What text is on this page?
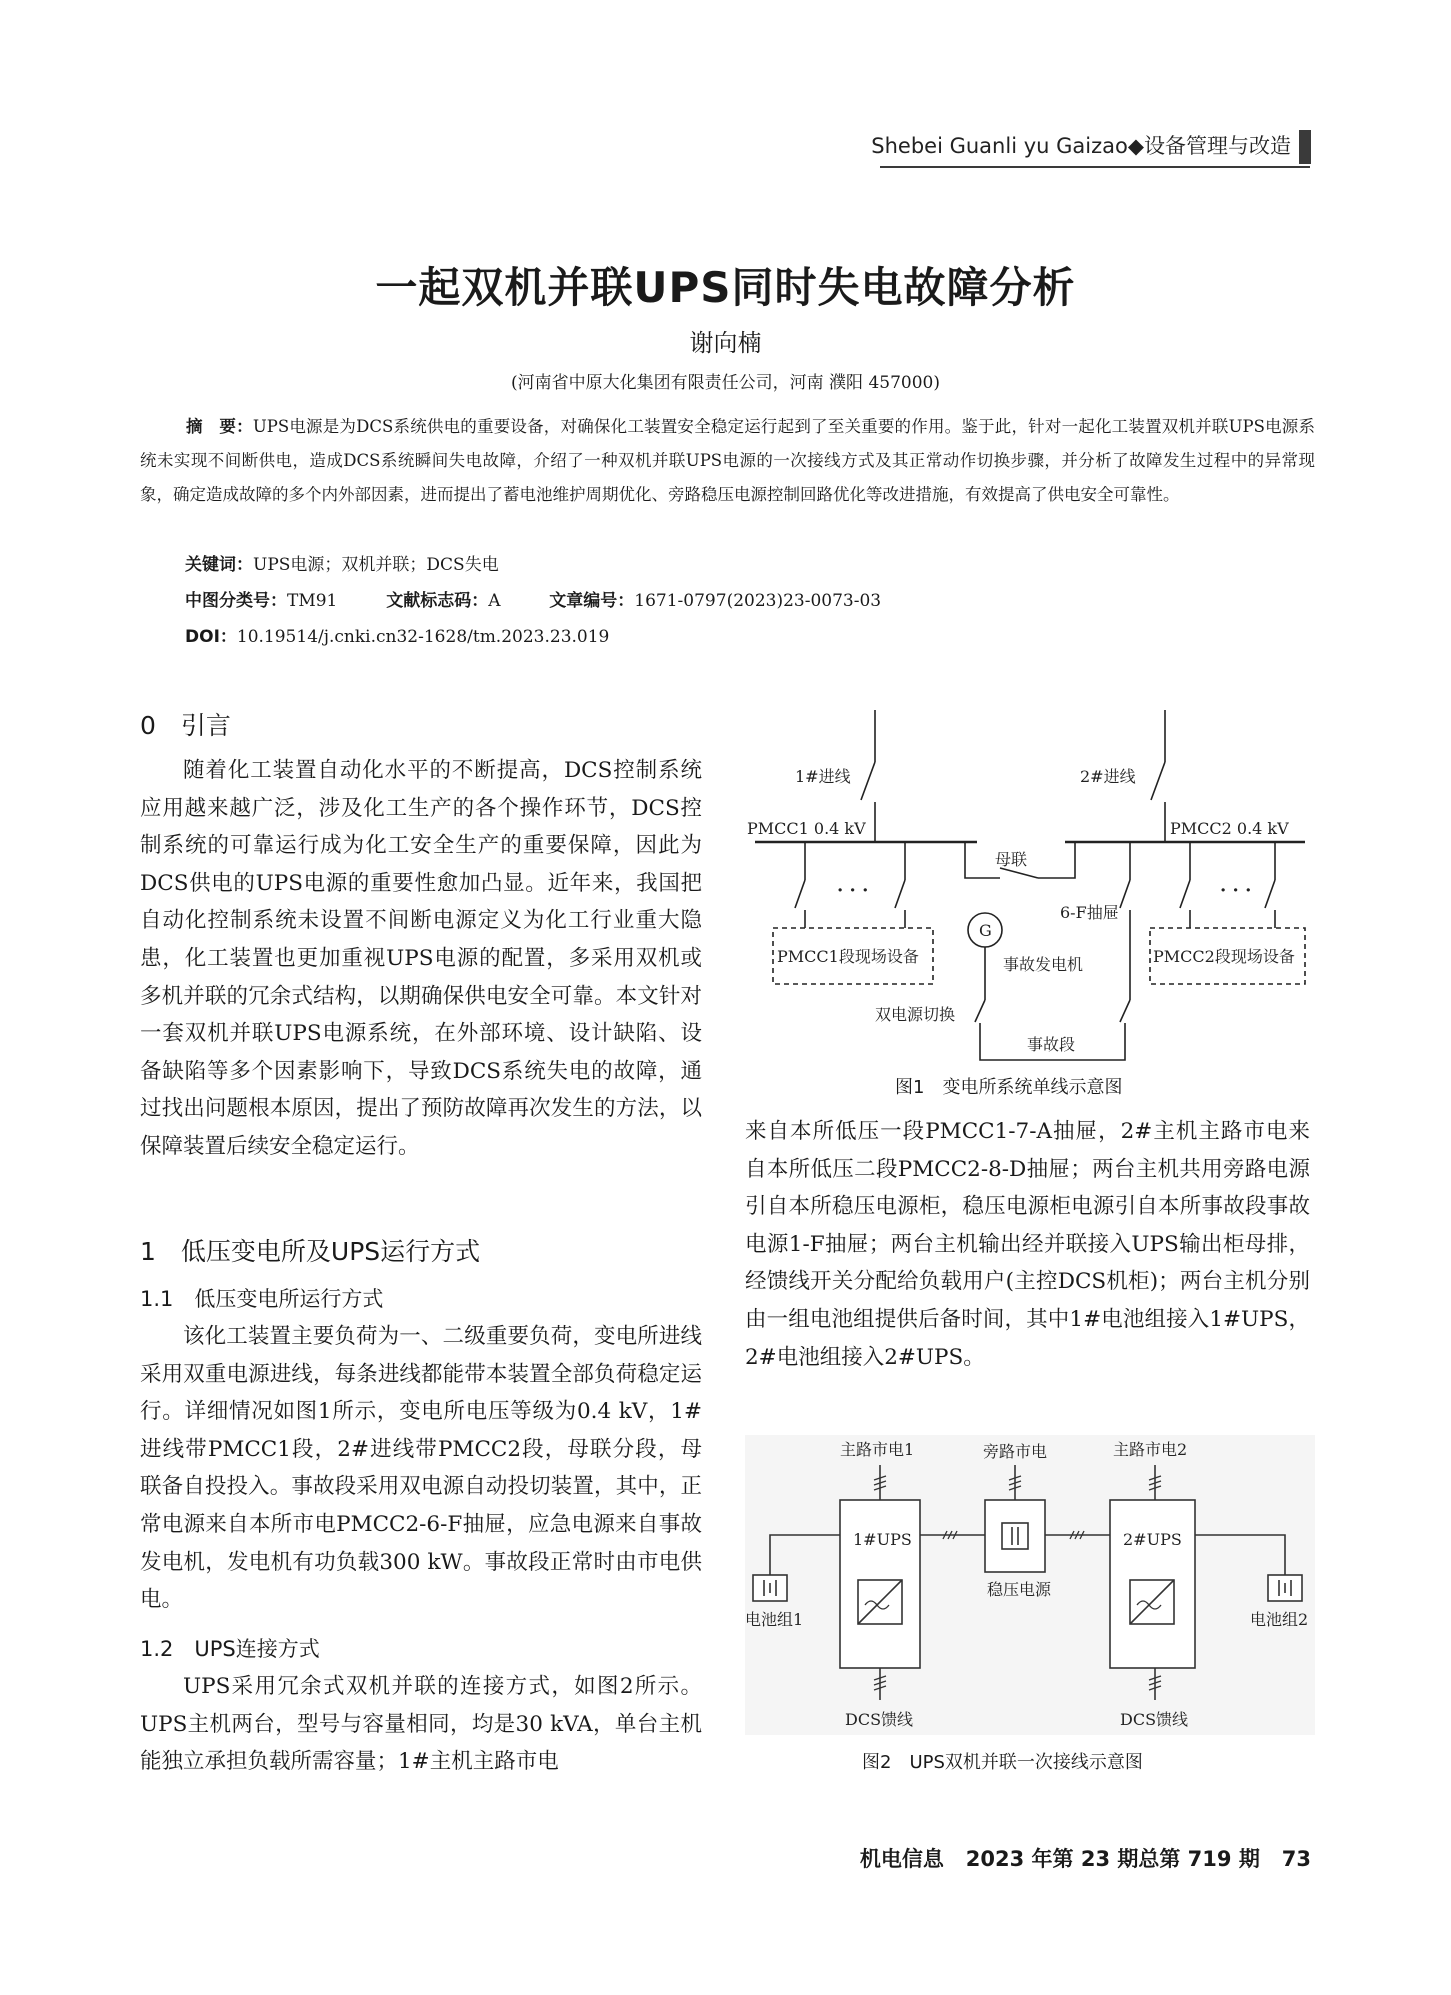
Shebei Guanli yu Gaizao◆设备管理与改造
一起双机并联UPS同时失电故障分析
谢向楠
(河南省中原大化集团有限责任公司，河南 濮阳 457000)
摘　要：UPS电源是为DCS系统供电的重要设备，对确保化工装置安全稳定运行起到了至关重要的作用。鉴于此，针对一起化工装置双机并联UPS电源系统未实现不间断供电，造成DCS系统瞬间失电故障，介绍了一种双机并联UPS电源的一次接线方式及其正常动作切换步骤，并分析了故障发生过程中的异常现象，确定造成故障的多个内外部因素，进而提出了蓄电池维护周期优化、旁路稳压电源控制回路优化等改进措施，有效提高了供电安全可靠性。
关键词：UPS电源；双机并联；DCS失电
中图分类号：TM91	文献标志码：A	文章编号：1671-0797(2023)23-0073-03
DOI：10.19514/j.cnki.cn32-1628/tm.2023.23.019
0　引言
随着化工装置自动化水平的不断提高，DCS控制系统应用越来越广泛，涉及化工生产的各个操作环节，DCS控制系统的可靠运行成为化工安全生产的重要保障，因此为DCS供电的UPS电源的重要性愈加凸显。近年来，我国把自动化控制系统未设置不间断电源定义为化工行业重大隐患，化工装置也更加重视UPS电源的配置，多采用双机或多机并联的冗余式结构，以期确保供电安全可靠。本文针对一套双机并联UPS电源系统，在外部环境、设计缺陷、设备缺陷等多个因素影响下，导致DCS系统失电的故障，通过找出问题根本原因，提出了预防故障再次发生的方法，以保障装置后续安全稳定运行。
1　低压变电所及UPS运行方式
1.1　低压变电所运行方式
该化工装置主要负荷为一、二级重要负荷，变电所进线采用双重电源进线，每条进线都能带本装置全部负荷稳定运行。详细情况如图1所示，变电所电压等级为0.4 kV，1#进线带PMCC1段，2#进线带PMCC2段，母联分段，母联备自投投入。事故段采用双电源自动投切装置，其中，正常电源来自本所市电PMCC2-6-F抽屉，应急电源来自事故发电机，发电机有功负载300 kW。事故段正常时由市电供电。
1.2　UPS连接方式
UPS采用冗余式双机并联的连接方式，如图2所示。UPS主机两台，型号与容量相同，均是30 kVA，单台主机能独立承担负载所需容量；1#主机主路市电
1#进线	2#进线
PMCC1 0.4 kV	PMCC2 0.4 kV
母联
6-F抽屉
G
事故发电机
PMCC1段现场设备	PMCC2段现场设备
双电源切换
事故段
· · ·	· · ·
图1　变电所系统单线示意图
来自本所低压一段PMCC1-7-A抽屉，2#主机主路市电来自本所低压二段PMCC2-8-D抽屉；两台主机共用旁路电源引自本所稳压电源柜，稳压电源柜电源引自本所事故段事故电源1-F抽屉；两台主机输出经并联接入UPS输出柜母排，经馈线开关分配给负载用户(主控DCS机柜)；两台主机分别由一组电池组提供后备时间，其中1#电池组接入1#UPS，2#电池组接入2#UPS。
主路市电1	旁路市电	主路市电2
1#UPS	2#UPS
稳压电源
电池组1	电池组2
DCS馈线	DCS馈线
图2　UPS双机并联一次接线示意图
机电信息 2023 年第 23 期总第 719 期 73
